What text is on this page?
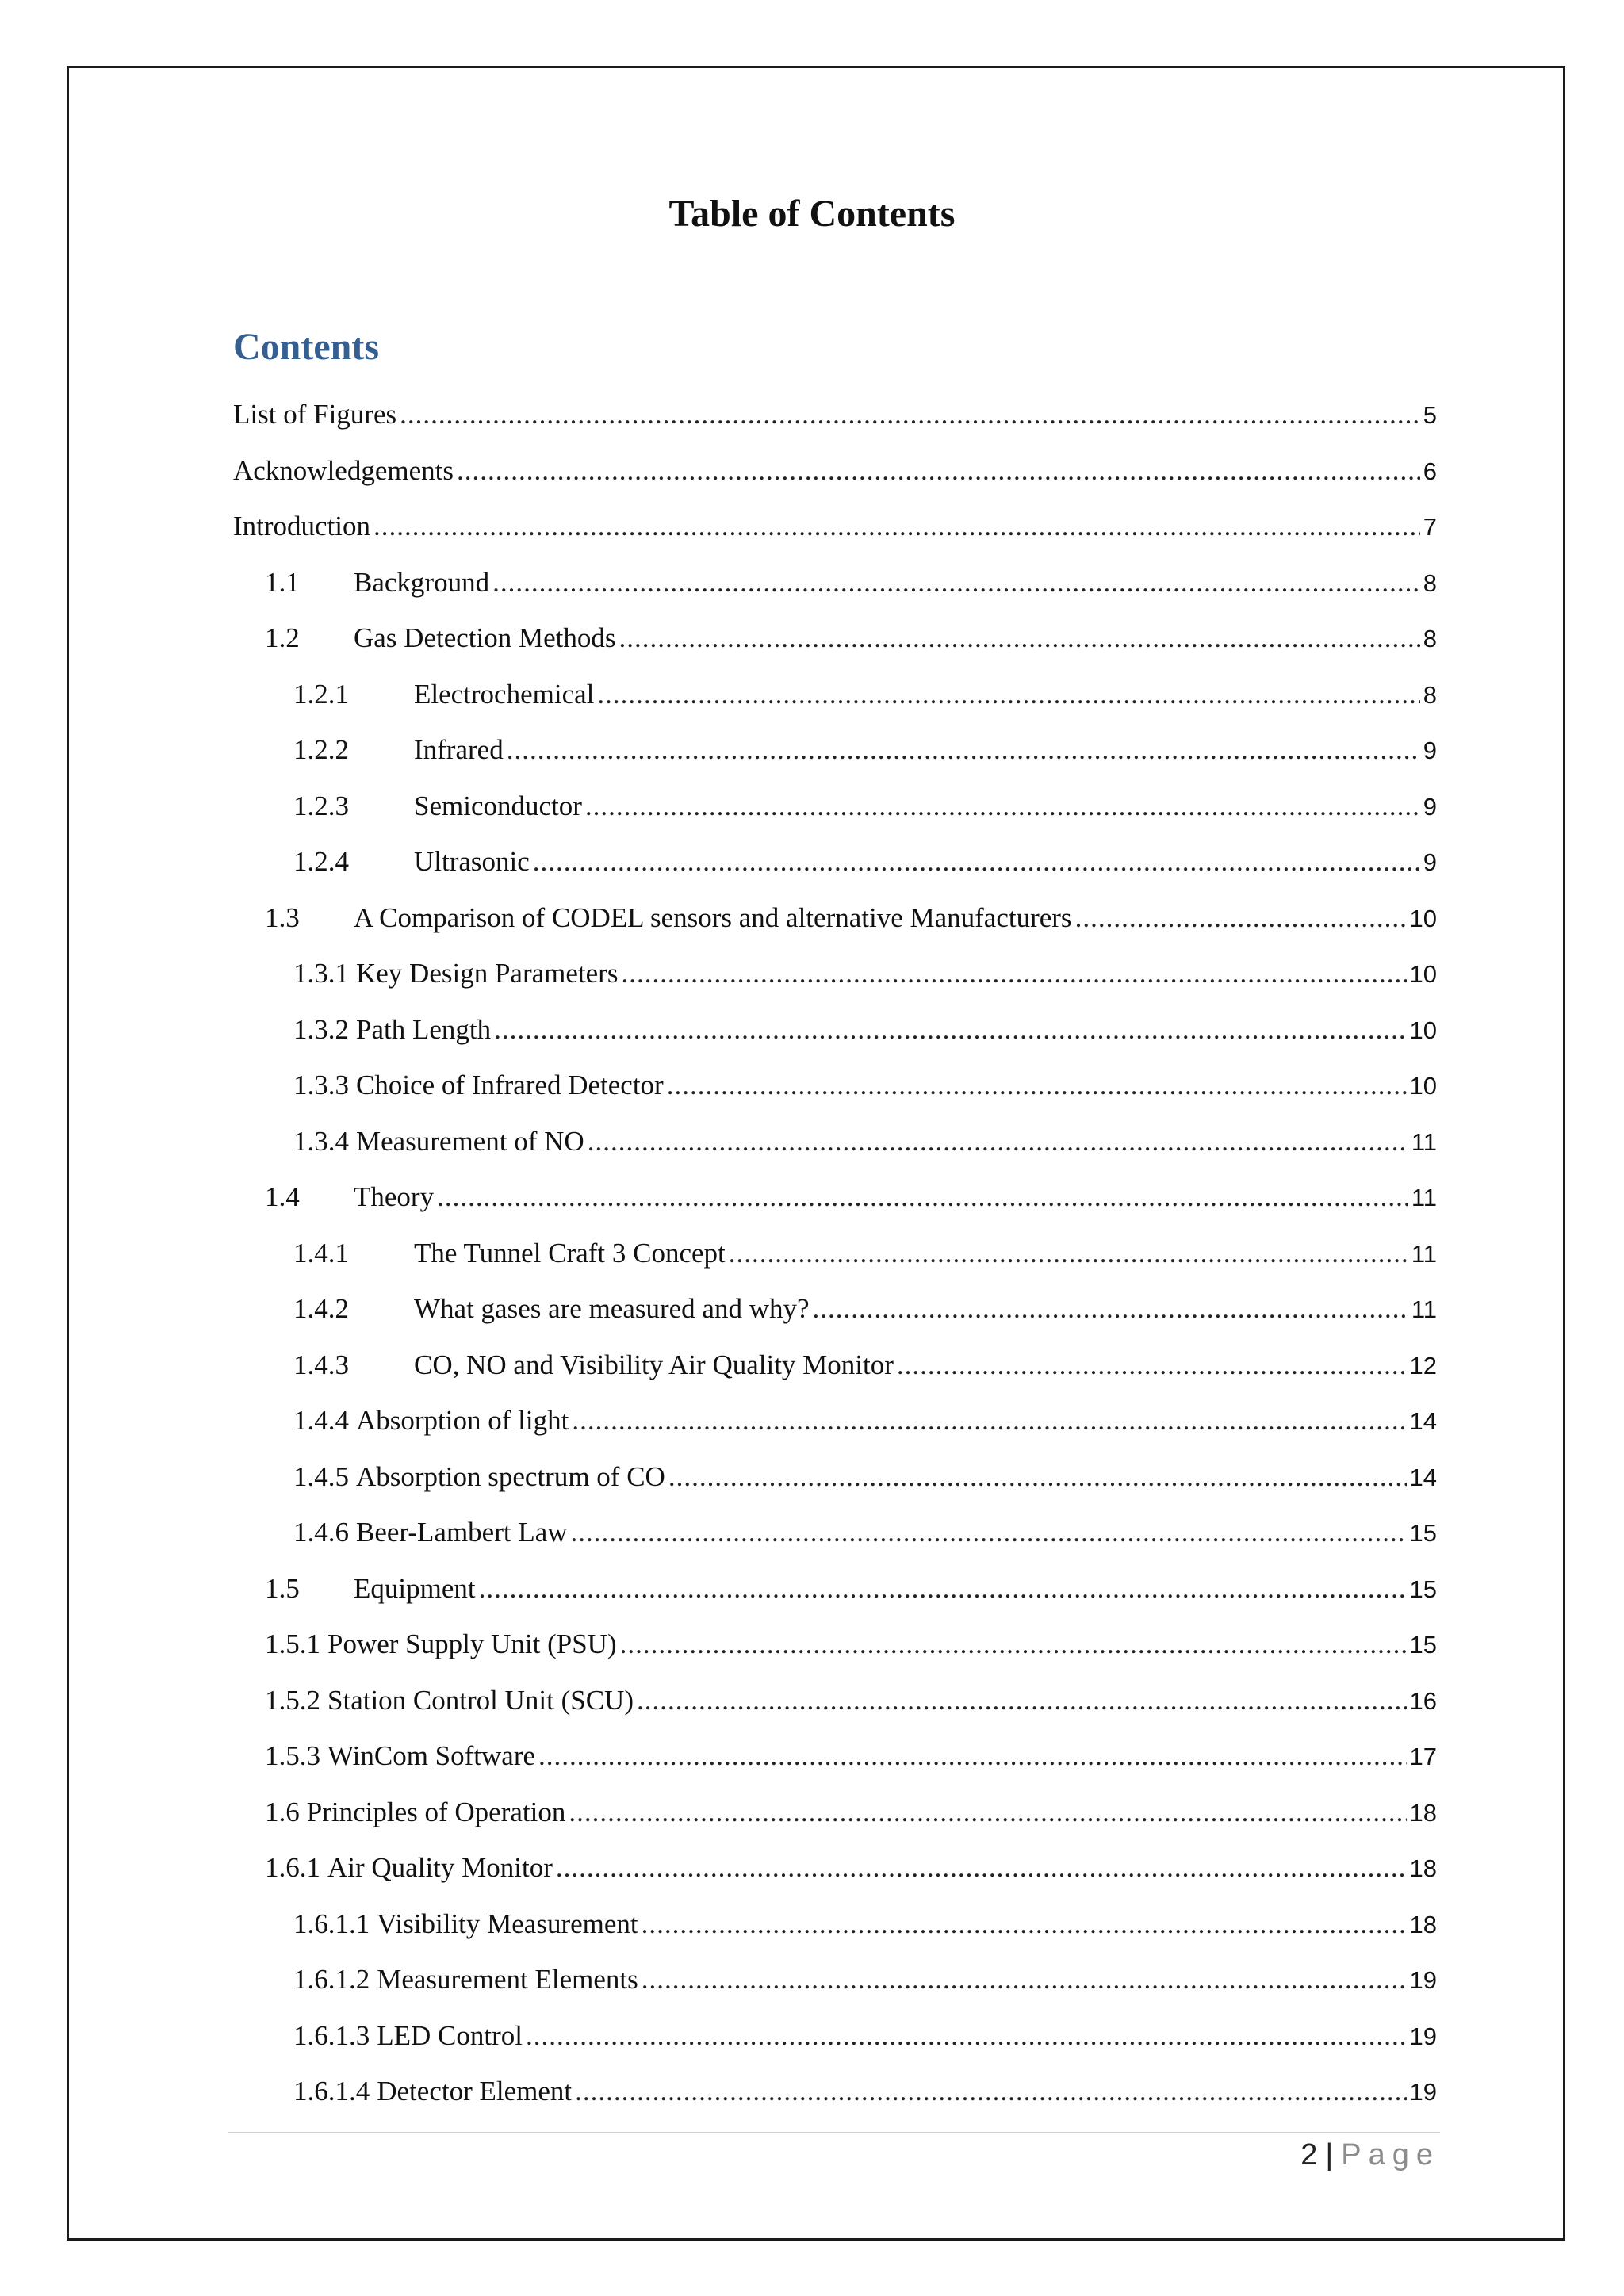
Table of Contents
Contents
List of Figures .....	5
Acknowledgements .....	6
Introduction .....	7
1.1	Background .....	8
1.2	Gas Detection Methods .....	8
1.2.1	Electrochemical .....	8
1.2.2	Infrared .....	9
1.2.3	Semiconductor .....	9
1.2.4	Ultrasonic .....	9
1.3	A Comparison of CODEL sensors and alternative Manufacturers .....	10
1.3.1 Key Design Parameters .....	10
1.3.2 Path Length .....	10
1.3.3 Choice of Infrared Detector .....	10
1.3.4 Measurement of NO .....	11
1.4	Theory .....	11
1.4.1	The Tunnel Craft 3 Concept .....	11
1.4.2	What gases are measured and why? .....	11
1.4.3	CO, NO and Visibility Air Quality Monitor .....	12
1.4.4 Absorption of light .....	14
1.4.5 Absorption spectrum of CO .....	14
1.4.6 Beer-Lambert Law .....	15
1.5	Equipment .....	15
1.5.1 Power Supply Unit (PSU) .....	15
1.5.2 Station Control Unit (SCU) .....	16
1.5.3 WinCom Software .....	17
1.6 Principles of Operation .....	18
1.6.1 Air Quality Monitor .....	18
1.6.1.1 Visibility Measurement .....	18
1.6.1.2 Measurement Elements .....	19
1.6.1.3 LED Control .....	19
1.6.1.4 Detector Element .....	19
2 | Page
